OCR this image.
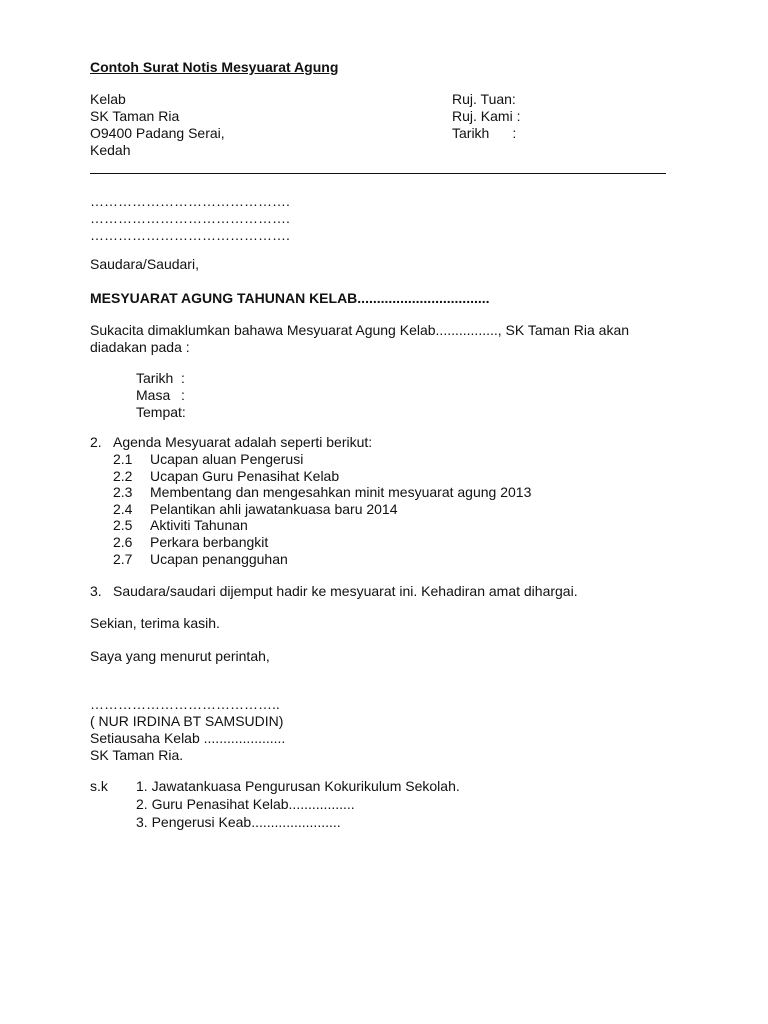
Contoh Surat Notis Mesyuarat Agung
Kelab
SK Taman Ria
O9400 Padang Serai,
Kedah
Ruj. Tuan:
Ruj. Kami :
Tarikh :
…………………………………….
…………………………………….
…………………………………….
Saudara/Saudari,
MESYUARAT AGUNG TAHUNAN KELAB..................................
Sukacita dimaklumkan bahawa Mesyuarat Agung Kelab................, SK Taman Ria akan
diadakan pada :
Tarikh :
Masa :
Tempat:
2. Agenda Mesyuarat adalah seperti berikut:
2.1 Ucapan aluan Pengerusi
2.2 Ucapan Guru Penasihat Kelab
2.3 Membentang dan mengesahkan minit mesyuarat agung 2013
2.4 Pelantikan ahli jawatankuasa baru 2014
2.5 Aktiviti Tahunan
2.6 Perkara berbangkit
2.7 Ucapan penangguhan
3. Saudara/saudari dijemput hadir ke mesyuarat ini. Kehadiran amat dihargai.
Sekian, terima kasih.
Saya yang menurut perintah,
…………………………………..
( NUR IRDINA BT SAMSUDIN)
Setiausaha Kelab .....................
SK Taman Ria.
s.k 1. Jawatankuasa Pengurusan Kokurikulum Sekolah.
2. Guru Penasihat Kelab.................
3. Pengerusi Keab.......................
